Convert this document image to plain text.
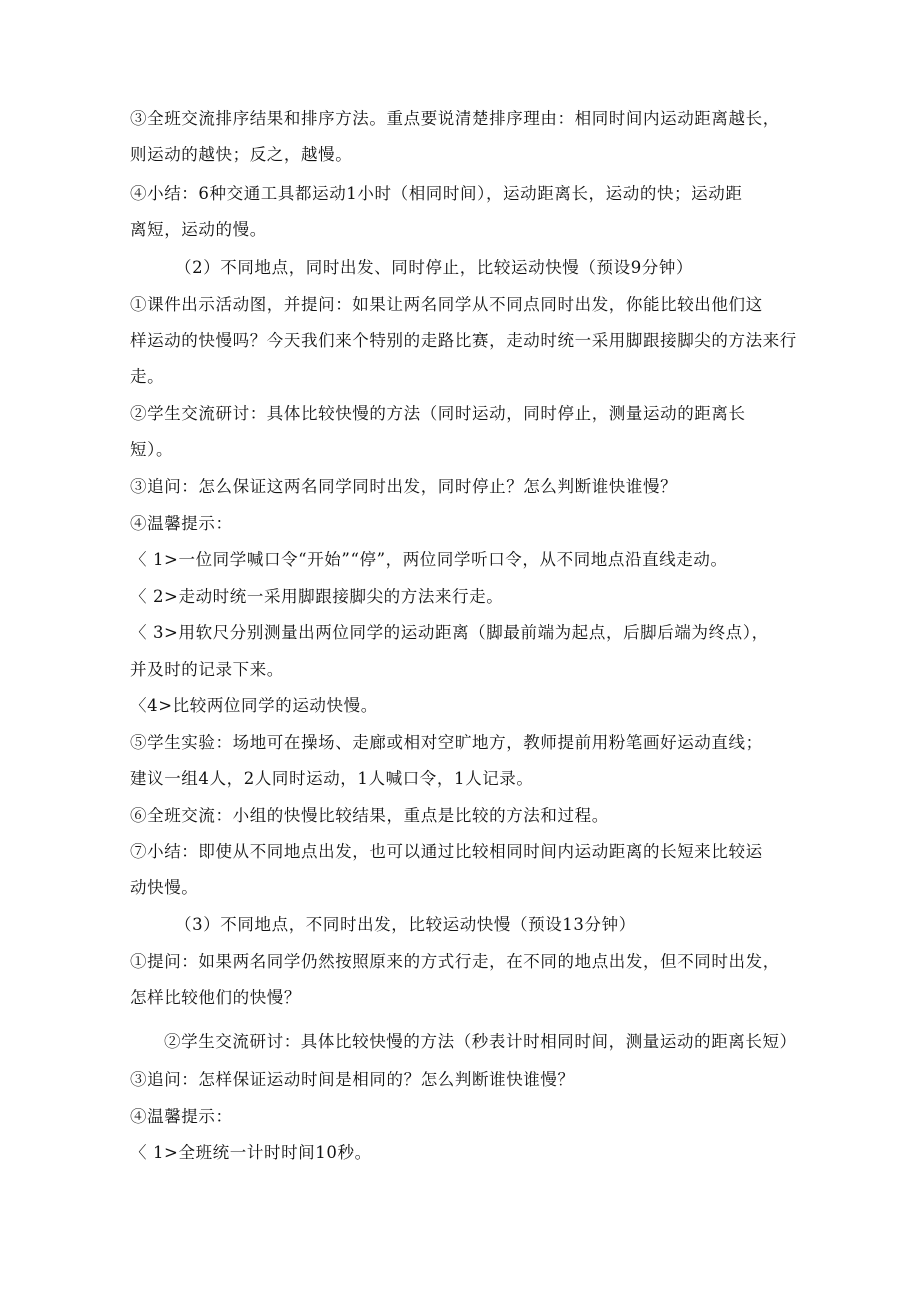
③全班交流排序结果和排序方法。重点要说清楚排序理由：相同时间内运动距离越长，
则运动的越快；反之，越慢。
④小结：6种交通工具都运动1小时（相同时间），运动距离长，运动的快；运动距
离短，运动的慢。
（2）不同地点，同时出发、同时停止，比较运动快慢（预设9分钟）
①课件出示活动图，并提问：如果让两名同学从不同点同时出发，你能比较出他们这
样运动的快慢吗？今天我们来个特别的走路比赛，走动时统一采用脚跟接脚尖的方法来行
走。
②学生交流研讨：具体比较快慢的方法（同时运动，同时停止，测量运动的距离长
短）。
③追问：怎么保证这两名同学同时出发，同时停止？怎么判断谁快谁慢？
④温馨提示：
〈 1>一位同学喊口令“开始”“停”，两位同学听口令，从不同地点沿直线走动。
〈 2>走动时统一采用脚跟接脚尖的方法来行走。
〈 3>用软尺分别测量出两位同学的运动距离（脚最前端为起点，后脚后端为终点），
并及时的记录下来。
〈4>比较两位同学的运动快慢。
⑤学生实验：场地可在操场、走廊或相对空旷地方，教师提前用粉笔画好运动直线；
建议一组4人，2人同时运动，1人喊口令，1人记录。
⑥全班交流：小组的快慢比较结果，重点是比较的方法和过程。
⑦小结：即使从不同地点出发，也可以通过比较相同时间内运动距离的长短来比较运
动快慢。
（3）不同地点，不同时出发，比较运动快慢（预设13分钟）
①提问：如果两名同学仍然按照原来的方式行走，在不同的地点出发，但不同时出发，
怎样比较他们的快慢？
②学生交流研讨：具体比较快慢的方法（秒表计时相同时间，测量运动的距离长短）
③追问：怎样保证运动时间是相同的？怎么判断谁快谁慢？
④温馨提示：
〈 1>全班统一计时时间10秒。
